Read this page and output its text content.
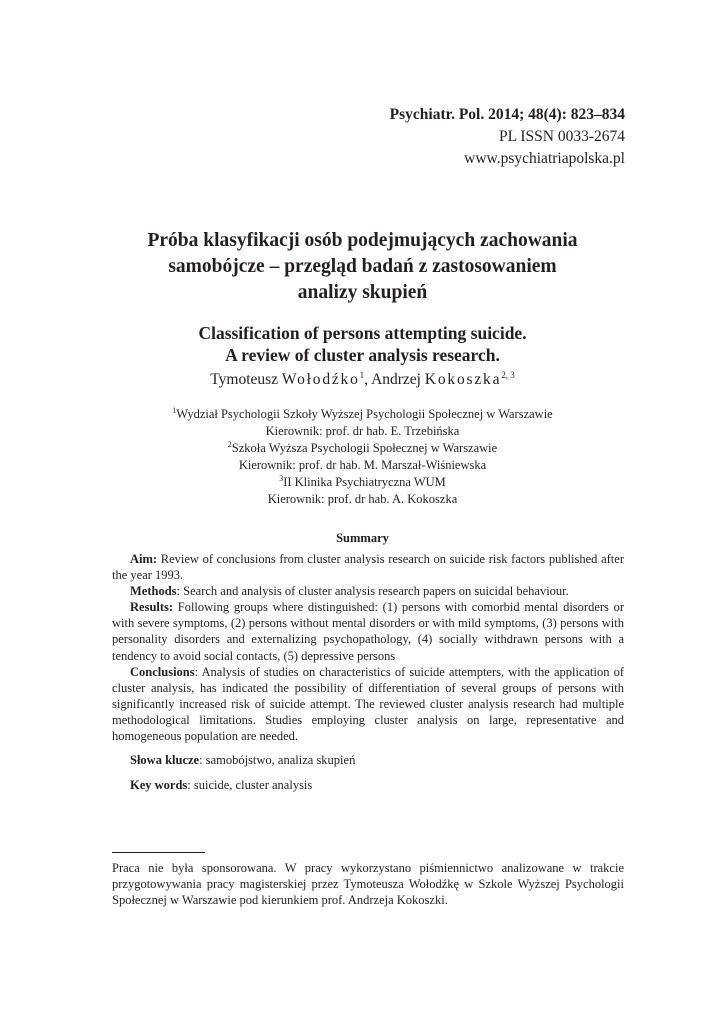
Psychiatr. Pol. 2014; 48(4): 823–834
PL ISSN 0033-2674
www.psychiatriapolska.pl
Próba klasyfikacji osób podejmujących zachowania
samobójcze – przegląd badań z zastosowaniem
analizy skupień
Classification of persons attempting suicide.
A review of cluster analysis research.
Tymoteusz Wołodźko$^1$, Andrzej Kokoszka$^{2, 3}$
$^1$Wydział Psychologii Szkoły Wyższej Psychologii Społecznej w Warszawie
Kierownik: prof. dr hab. E. Trzebińska
$^2$Szkoła Wyższa Psychologii Społecznej w Warszawie
Kierownik: prof. dr hab. M. Marszał-Wiśniewska
$^3$II Klinika Psychiatryczna WUM
Kierownik: prof. dr hab. A. Kokoszka
Summary

Aim: Review of conclusions from cluster analysis research on suicide risk factors published after the year 1993.

Methods: Search and analysis of cluster analysis research papers on suicidal behaviour.

Results: Following groups where distinguished: (1) persons with comorbid mental disorders or with severe symptoms, (2) persons without mental disorders or with mild symptoms, (3) persons with personality disorders and externalizing psychopathology, (4) socially withdrawn persons with a tendency to avoid social contacts, (5) depressive persons

Conclusions: Analysis of studies on characteristics of suicide attempters, with the application of cluster analysis, has indicated the possibility of differentiation of several groups of persons with significantly increased risk of suicide attempt. The reviewed cluster analysis research had multiple methodological limitations. Studies employing cluster analysis on large, representative and homogeneous population are needed.

Słowa klucze: samobójstwo, analiza skupień
Key words: suicide, cluster analysis
Praca nie była sponsorowana. W pracy wykorzystano piśmiennictwo analizowane w trakcie przygotowywania pracy magisterskiej przez Tymoteusza Wołodźkę w Szkole Wyższej Psychologii Społecznej w Warszawie pod kierunkiem prof. Andrzeja Kokoszki.
